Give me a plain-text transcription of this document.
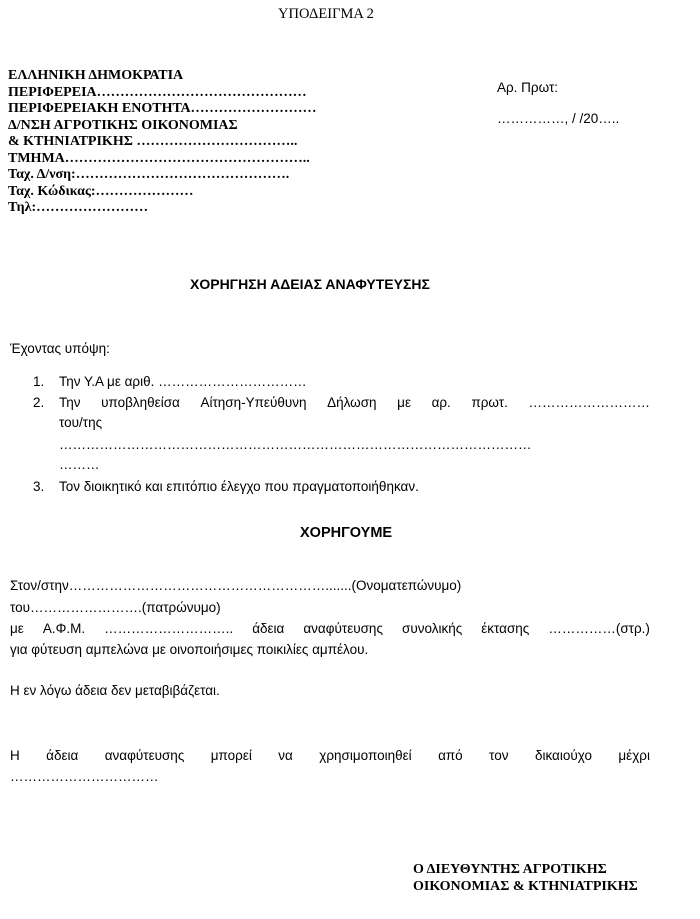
ΥΠΟΔΕΙΓΜΑ 2
ΕΛΛΗΝΙΚΗ ΔΗΜΟΚΡΑΤΙΑ
ΠΕΡΙΦΕΡΕΙΑ………………………………………
ΠΕΡΙΦΕΡΕΙΑΚΗ ΕΝΟΤΗΤΑ………………………
Δ/ΝΣΗ ΑΓΡΟΤΙΚΗΣ ΟΙΚΟΝΟΜΙΑΣ
& ΚΤΗΝΙΑΤΡΙΚΗΣ ……………………………..
ΤΜΗΜΑ……………………………………………..
Ταχ. Δ/νση:……………………………………….
Ταχ. Κώδικας:…………………
Τηλ:……………………
Αρ. Πρωτ:
……………, / /20…..
ΧΟΡΗΓΗΣΗ ΑΔΕΙΑΣ ΑΝΑΦΥΤΕΥΣΗΣ
Έχοντας υπόψη:
1. Την Υ.Α με αριθ. ……………………………
2. Την υποβληθείσα Αίτηση-Υπεύθυνη Δήλωση με αρ. πρωτ. ………………………
του/της
……………………………………………………………………………………………
………
3. Τον διοικητικό και επιτόπιο έλεγχο που πραγματοποιήθηκαν.
ΧΟΡΗΓΟΥΜΕ
Στον/στην………………………………………………….......(Ονοματεπώνυμο)
του…………………….(πατρώνυμο)
με Α.Φ.Μ. ……………………….. άδεια αναφύτευσης συνολικής έκτασης ……………(στρ.)
για φύτευση αμπελώνα με οινοποιήσιμες ποικιλίες αμπέλου.
Η εν λόγω άδεια δεν μεταβιβάζεται.
Η άδεια αναφύτευσης μπορεί να χρησιμοποιηθεί από τον δικαιούχο μέχρι
……………………………
Ο ΔΙΕΥΘΥΝΤΗΣ ΑΓΡΟΤΙΚΗΣ
ΟΙΚΟΝΟΜΙΑΣ & ΚΤΗΝΙΑΤΡΙΚΗΣ
